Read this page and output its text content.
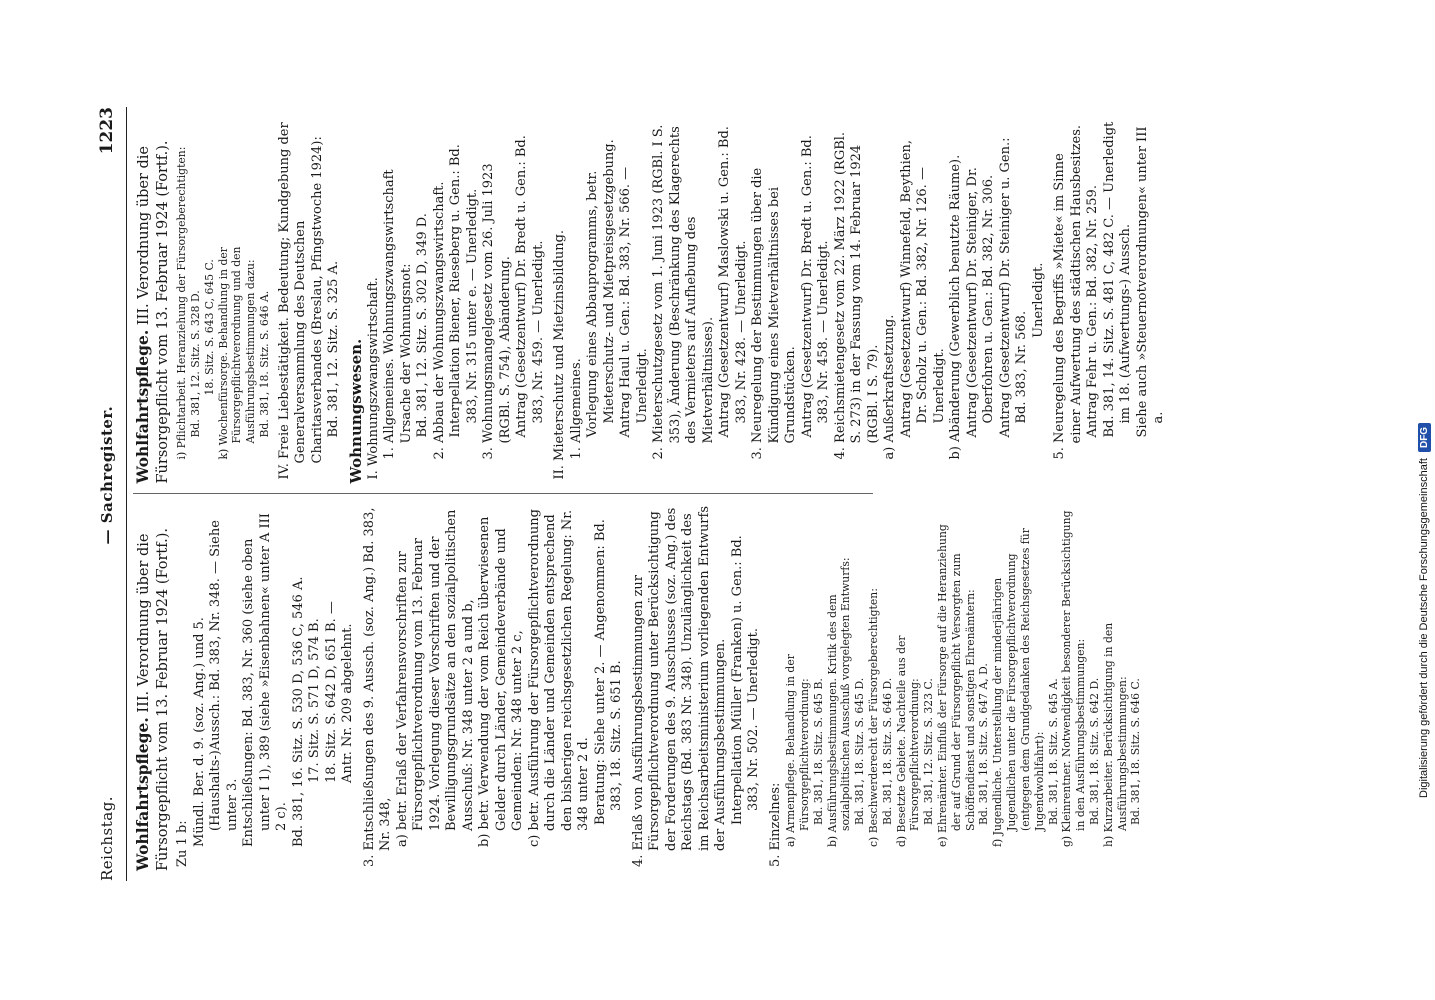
Digitalisierung gefördert durch die Deutsche Forschungsgemeinschaft
DFG
Reichstag.
— Sachregister.
1223
Wohlfahrtspflege. III. Verordnung über die Fürsorgepflicht vom 13. Februar 1924 (Fortf.). Zu 1 b: Mündl. Ber. d. 9. (soz. Ang.) und 5. (Haushalts-)Aussch.: Bd. 383, Nr. 348. — Siehe unter 3. Entschließungen: Bd. 383, Nr. 360 (siehe oben unter I 1), 389 (siehe »Eisenbahnen« unter A III 2 c). Bd. 381, 16. Sitz. S. 530 D, 536 C, 546 A. 17. Sitz. S. 571 D, 574 B. 18. Sitz. S. 642 D, 651 B. — Antr. Nr. 209 abgelehnt. 3. Entschließungen des 9. Aussch. (soz. Ang.) Bd. 383, Nr. 348, a) betr. Erlaß der Verfahrensvorschriften zur Fürsorgepflichtverordnung vom 13. Februar 1924. Vorlegung dieser Vorschriften und der Bewilligungsgrundsätze an den sozialpolitischen Ausschuß: Nr. 348 unter 2 a und b, b) betr. Verwendung der vom Reich überwiesenen Gelder durch Länder, Gemeindeverbände und Gemeinden: Nr. 348 unter 2 c, c) betr. Ausführung der Fürsorgepflichtverordnung durch die Länder und Gemeinden entsprechend den bisherigen reichsgesetzlichen Regelung: Nr. 348 unter 2 d. Beratung: Siehe unter 2. — Angenommen: Bd. 383, 18. Sitz. S. 651 B. 4. Erlaß von Ausführungsbestimmungen zur Fürsorgepflichtverordnung unter Berücksichtigung der Forderungen des 9. Ausschusses (soz. Ang.) des Reichstags (Bd. 383 Nr. 348). Unzulänglichkeit des im Reichsarbeitsministerium vorliegenden Entwurfs der Ausführungsbestimmungen. Interpellation Müller (Franken) u. Gen.: Bd. 383, Nr. 502. — Unerledigt.

5. Einzelnes: a) Armenpflege. Behandlung in der Fürsorgepflichtverordnung: Bd. 381, 18. Sitz. S. 645 B. b) Ausführungsbestimmungen. Kritik des dem sozialpolitischen Ausschuß vorgelegten Entwurfs: Bd. 381, 18. Sitz. S. 645 D. c) Beschwerderecht der Fürsorgeberechtigten: Bd. 381, 18. Sitz. S. 646 D. d) Besetzte Gebiete. Nachteile aus der Fürsorgepflichtverordnung: Bd. 381, 12. Sitz. S. 323 C. e) Ehrenämter. Einfluß der Fürsorge auf die Heranziehung der auf Grund der Fürsorgepflicht Versorgten zum Schöffendienst und sonstigen Ehrenämtern: Bd. 381, 18. Sitz. S. 647 A, D. f) Jugendliche. Unterstellung der minderjährigen Jugendlichen unter die Fürsorgepflichtverordnung (entgegen dem Grundgedanken des Reichsgesetzes für Jugendwohlfahrt): Bd. 381, 18. Sitz. S. 645 A. g) Kleinrentner. Notwendigkeit besonderer Berücksichtigung in den Ausführungsbestimmungen: Bd. 381, 18. Sitz. S. 642 D. h) Kurzarbeiter. Berücksichtigung in den Ausführungsbestimmungen: Bd. 381, 18. Sitz. S. 646 C.

Wohlfahrtspflege. III. Verordnung über die Fürsorgepflicht vom 13. Februar 1924 (Fortf.). i) Pflichtarbeit. Heranziehung der Fürsorgeberechtigten: Bd. 381, 12. Sitz. S. 328 D. 18. Sitz. S. 643 C, 645 C. k) Wochenfürsorge. Behandlung in der Fürsorgepflichtverordnung und den Ausführungsbestimmungen dazu: Bd. 381, 18. Sitz. S. 646 A. IV. Freie Liebestätigkeit. Bedeutung; Kundgebung der Generalversammlung des Deutschen Charitasverbandes (Breslau, Pfingstwoche 1924): Bd. 381, 12. Sitz. S. 325 A. Wohnungswesen. I. Wohnungszwangswirtschaft. 1. Allgemeines. Wohnungszwangswirtschaft Ursache der Wohnungsnot: Bd. 381, 12. Sitz. S. 302 D, 349 D. 2. Abbau der Wohnungszwangswirtschaft. Interpellation Biener, Rieseberg u. Gen.: Bd. 383, Nr. 315 unter e. — Unerledigt. 3. Wohnungsmangelgesetz vom 26. Juli 1923 (RGBl. S. 754), Abänderung. Antrag (Gesetzentwurf) Dr. Bredt u. Gen.: Bd. 383, Nr. 459. — Unerledigt. II. Mieterschutz und Mietzinsbildung. 1. Allgemeines. Vorlegung eines Abbauprogramms, betr. Mieterschutz- und Mietpreisgesetzgebung. Antrag Haul u. Gen.: Bd. 383, Nr. 566. — Unerledigt. 2. Mieterschutzgesetz vom 1. Juni 1923 (RGBl. I S. 353), Änderung (Beschränkung des Klagerechts des Vermieters auf Aufhebung des Mietverhältnisses). Antrag (Gesetzentwurf) Maslowski u. Gen.: Bd. 383, Nr. 428. — Unerledigt. 3. Neuregelung der Bestimmungen über die Kündigung eines Mietverhältnisses bei Grundstücken. Antrag (Gesetzentwurf) Dr. Bredt u. Gen.: Bd. 383, Nr. 458. — Unerledigt. 4. Reichsmietengesetz vom 22. März 1922 (RGBl. S. 273) in der Fassung vom 14. Februar 1924 (RGBl. I S. 79). a) Außerkraftsetzung. Antrag (Gesetzentwurf) Winnefeld, Beythien, Dr. Scholz u. Gen.: Bd. 382, Nr. 126. — Unerledigt. b) Abänderung (Gewerblich benutzte Räume). Antrag (Gesetzentwurf) Dr. Steiniger, Dr. Oberfohren u. Gen.: Bd. 382, Nr. 306. Antrag (Gesetzentwurf) Dr. Steiniger u. Gen.: Bd. 383, Nr. 568.

Unerledigt. 5. Neuregelung des Begriffs »Miete« im Sinne einer Aufwertung des städtischen Hausbesitzes. Antrag Fehr u. Gen.: Bd. 382, Nr. 259. Bd. 381, 14. Sitz. S. 481 C, 482 C. — Unerledigt im 18. (Aufwertungs-) Aussch. Siehe auch »Steuernotverordnungen« unter III a.
